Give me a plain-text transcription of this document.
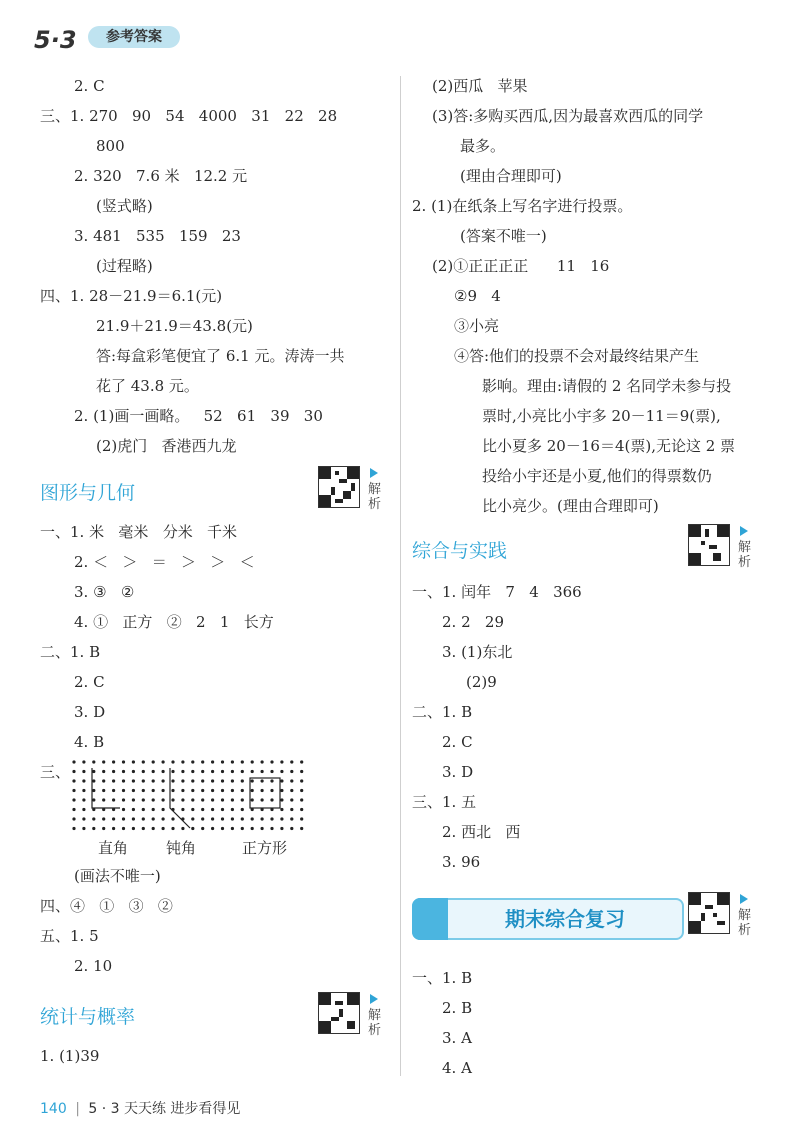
5·3	参考答案
2. C
三、1. 270   90   54   4000   31   22   28
800
2. 320   7.6 米   12.2 元
(竖式略)
3. 481   535   159   23
(过程略)
四、1. 28－21.9＝6.1(元)
21.9＋21.9＝43.8(元)
答:每盒彩笔便宜了 6.1 元。涛涛一共
花了 43.8 元。
2. (1)画一画略。   52   61   39   30
(2)虎门   香港西九龙
图形与几何	解析
一、1. 米   毫米   分米   千米
2. ＜   ＞   ＝   ＞   ＞   ＜
3. ③   ②
4. ①   正方   ②   2   1   长方
二、1. B
2. C
3. D
4. B
三、
直角	钝角	正方形
(画法不唯一)
四、④   ①   ③   ②
五、1. 5
2. 10
统计与概率	解析
1. (1)39
(2)西瓜   苹果
(3)答:多购买西瓜,因为最喜欢西瓜的同学
最多。
(理由合理即可)
2. (1)在纸条上写名字进行投票。
(答案不唯一)
(2)①正正正正      11   16
②9   4
③小亮
④答:他们的投票不会对最终结果产生
影响。理由:请假的 2 名同学未参与投
票时,小亮比小宇多 20－11＝9(票),
比小夏多 20－16＝4(票),无论这 2 票
投给小宇还是小夏,他们的得票数仍
比小亮少。(理由合理即可)
综合与实践	解析
一、1. 闰年   7   4   366
2. 2   29
3. (1)东北
(2)9
二、1. B
2. C
3. D
三、1. 五
2. 西北   西
3. 96
期末综合复习	解析
一、1. B
2. B
3. A
4. A
140 | 5 · 3 天天练 进步看得见
